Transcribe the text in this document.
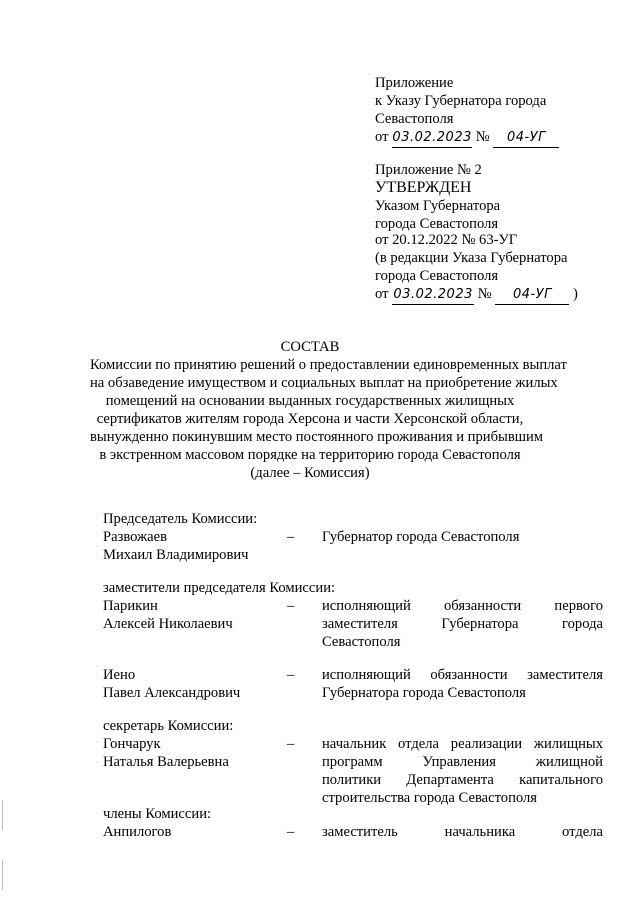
Приложение
к Указу Губернатора города
Севастополя
от 03.02.2023 № 04-УГ
Приложение № 2
УТВЕРЖДЕН
Указом Губернатора
города Севастополя
от 20.12.2022 № 63-УГ
(в редакции Указа Губернатора
города Севастополя
от 03.02.2023 № 04-УГ )
СОСТАВ
Комиссии по принятию решений о предоставлении единовременных выплат
на обзаведение имуществом и социальных выплат на приобретение жилых
помещений на основании выданных государственных жилищных
сертификатов жителям города Херсона и части Херсонской области,
вынужденно покинувшим место постоянного проживания и прибывшим
в экстренном массовом порядке на территорию города Севастополя
(далее – Комиссия)
Председатель Комиссии:
Развожаев
Михаил Владимирович
– Губернатор города Севастополя
заместители председателя Комиссии:
Парикин
Алексей Николаевич
– исполняющий обязанности первого
заместителя Губернатора города
Севастополя
Иено
Павел Александрович
– исполняющий обязанности заместителя
Губернатора города Севастополя
секретарь Комиссии:
Гончарук
Наталья Валерьевна
– начальник отдела реализации жилищных
программ Управления жилищной
политики Департамента капитального
строительства города Севастополя
члены Комиссии:
Анпилогов	– заместитель начальника отдела
